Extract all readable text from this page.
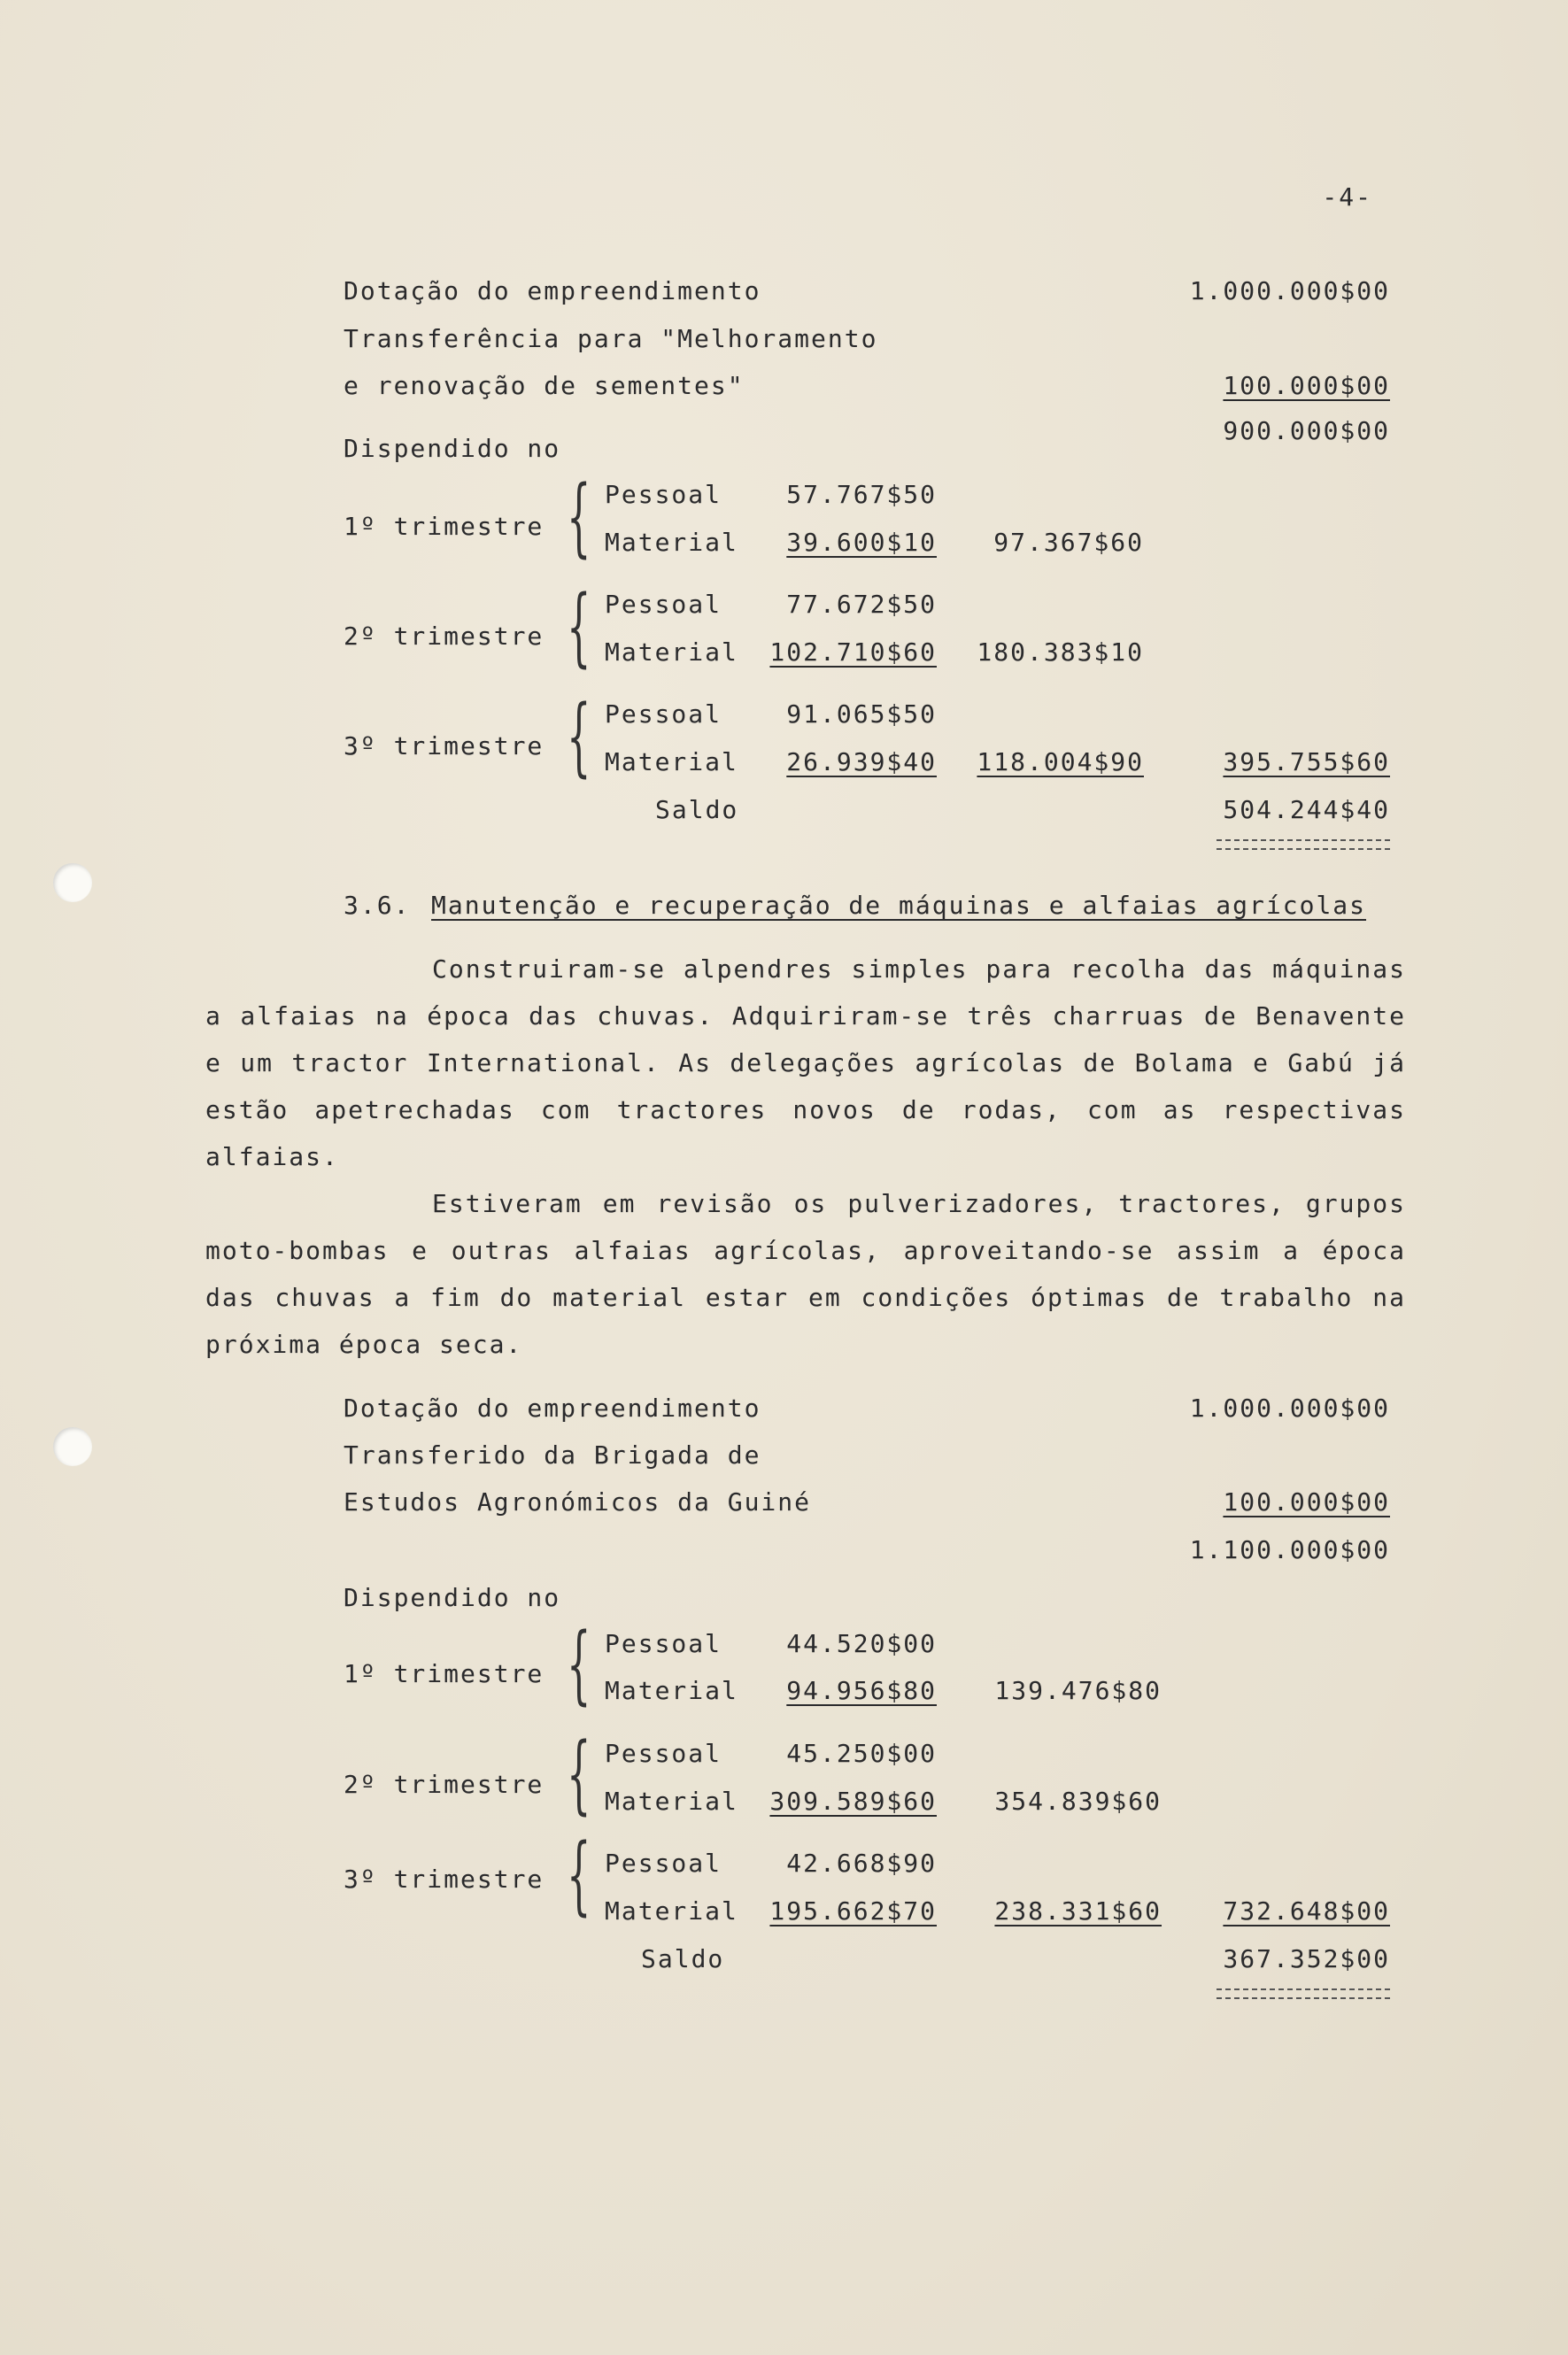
-4-
Dotação do empreendimento	1.000.000$00
Transferência para "Melhoramento
e renovação de sementes"	100.000$00
900.000$00
Dispendido no
1º trimestre { Pessoal	57.767$50
Material	39.600$10	97.367$60
2º trimestre { Pessoal	77.672$50
Material	102.710$60	180.383$10
3º trimestre { Pessoal	91.065$50
Material	26.939$40	118.004$90	395.755$60
Saldo	504.244$40
3.6. Manutenção e recuperação de máquinas e alfaias agrícolas

Construiram-se alpendres simples para recolha das máquinas a alfaias na época das chuvas. Adquiriram-se três charruas de Benavente e um tractor International. As delegações agrícolas de Bolama e Gabú já estão apetrechadas com tractores novos de rodas, com as respectivas alfaias.

Estiveram em revisão os pulverizadores, tractores, grupos moto-bombas e outras alfaias agrícolas, aproveitando-se assim a época das chuvas a fim do material estar em condições óptimas de trabalho na próxima época seca.

Dotação do empreendimento	1.000.000$00
Transferido da Brigada de
Estudos Agronómicos da Guiné	100.000$00
1.100.000$00
Dispendido no
1º trimestre { Pessoal	44.520$00
Material	94.956$80	139.476$80
2º trimestre { Pessoal	45.250$00
Material	309.589$60	354.839$60
3º trimestre { Pessoal	42.668$90
Material	195.662$70	238.331$60	732.648$00
Saldo	367.352$00
